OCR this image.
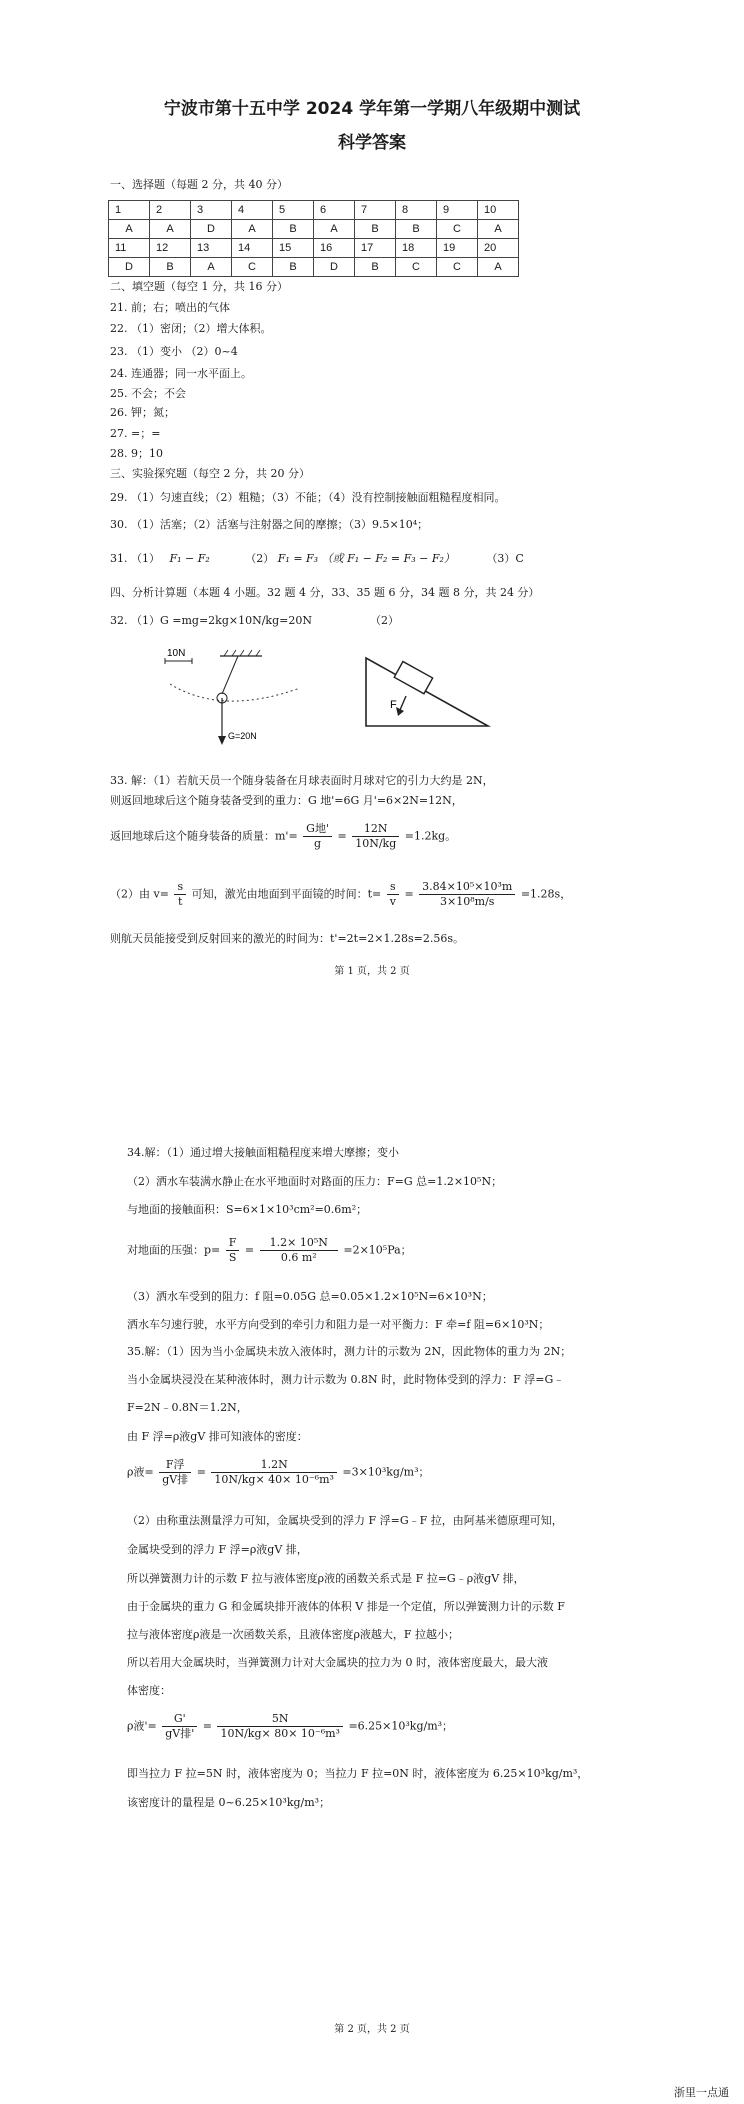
宁波市第十五中学 2024 学年第一学期八年级期中测试
科学答案
一、选择题（每题 2 分，共 40 分）
1	2	3	4	5	6	7	8	9	10
A	A	D	A	B	A	B	B	C	A
11	12	13	14	15	16	17	18	19	20
D	B	A	C	B	D	B	C	C	A
二、填空题（每空 1 分，共 16 分）
21. 前；右；喷出的气体
22. （1）密闭；（2）增大体积。
23. （1）变小 （2）0~4
24. 连通器；同一水平面上。
25. 不会；不会
26. 钾；氮；
27. =；=
28. 9；10
三、实验探究题（每空 2 分，共 20 分）
29. （1）匀速直线；（2）粗糙；（3）不能；（4）没有控制接触面粗糙程度相同。
30. （1）活塞；（2）活塞与注射器之间的摩擦；（3）9.5×10⁴；
31. （1） F₁ − F₂	（2） F₁ = F₃ （或 F₁ − F₂ = F₃ − F₂）	（3）C
四、分析计算题（本题 4 小题。32 题 4 分，33、35 题 6 分，34 题 8 分，共 24 分）
32. （1）G =mg=2kg×10N/kg=20N	（2）
10N
G=20N
F
33. 解：（1）若航天员一个随身装备在月球表面时月球对它的引力大约是 2N，
则返回地球后这个随身装备受到的重力：G 地'=6G 月'=6×2N=12N，
返回地球后这个随身装备的质量：$m'= \frac{\text{G地'}}{g} = \frac{12N}{10N/kg} =1.2kg$。
（2）由 $v= \frac{s}{t}$ 可知，激光由地面到平面镜的时间：$t= \frac{s}{v} = \frac{\text{3.84×10⁵×10³m}}{\text{3×10⁸m/s}} =1.28s$，
则航天员能接受到反射回来的激光的时间为：t'=2t=2×1.28s=2.56s。
第 1 页，共 2 页
34.解：（1）通过增大接触面粗糙程度来增大摩擦；变小
（2）洒水车装满水静止在水平地面时对路面的压力：F=G 总=1.2×10⁵N；
与地面的接触面积：S=6×1×10³cm²=0.6m²；
对地面的压强：$p= \frac{F}{S} = \frac{\text{1.2× 10⁵N}}{\text{0.6 m²}} =2\times 10^5Pa$；
（3）洒水车受到的阻力：f 阻=0.05G 总=0.05×1.2×10⁵N=6×10³N；
洒水车匀速行驶，水平方向受到的牵引力和阻力是一对平衡力：F 牵=f 阻=6×10³N；
35.解：（1）因为当小金属块未放入液体时，测力计的示数为 2N，因此物体的重力为 2N；
当小金属块浸没在某种液体时，测力计示数为 0.8N 时，此时物体受到的浮力：F 浮=G﹣
F=2N﹣0.8N＝1.2N，
由 F 浮=ρ液gV 排可知液体的密度：
ρ液= $\frac{\text{F浮}}{\text{gV排}} = \frac{1.2N}{\text{10N/kg× 40× 10⁻⁶m³}} =3\times 10^3kg/m^3$；
（2）由称重法测量浮力可知，金属块受到的浮力 F 浮=G﹣F 拉，由阿基米德原理可知，
金属块受到的浮力 F 浮=ρ液gV 排，
所以弹簧测力计的示数 F 拉与液体密度ρ液的函数关系式是 F 拉=G﹣ρ液gV 排，
由于金属块的重力 G 和金属块排开液体的体积 V 排是一个定值，所以弹簧测力计的示数 F
拉与液体密度ρ液是一次函数关系，且液体密度ρ液越大，F 拉越小；
所以若用大金属块时，当弹簧测力计对大金属块的拉力为 0 时，液体密度最大，最大液
体密度：
ρ液'= $\frac{G'}{\text{gV排'}} = \frac{5N}{\text{10N/kg× 80× 10⁻⁶m³}} =6.25\times 10^3kg/m^3$；
即当拉力 F 拉=5N 时，液体密度为 0；当拉力 F 拉=0N 时，液体密度为 6.25×10³kg/m³，
该密度计的量程是 0~6.25×10³kg/m³；
第 2 页，共 2 页
浙里一点通
